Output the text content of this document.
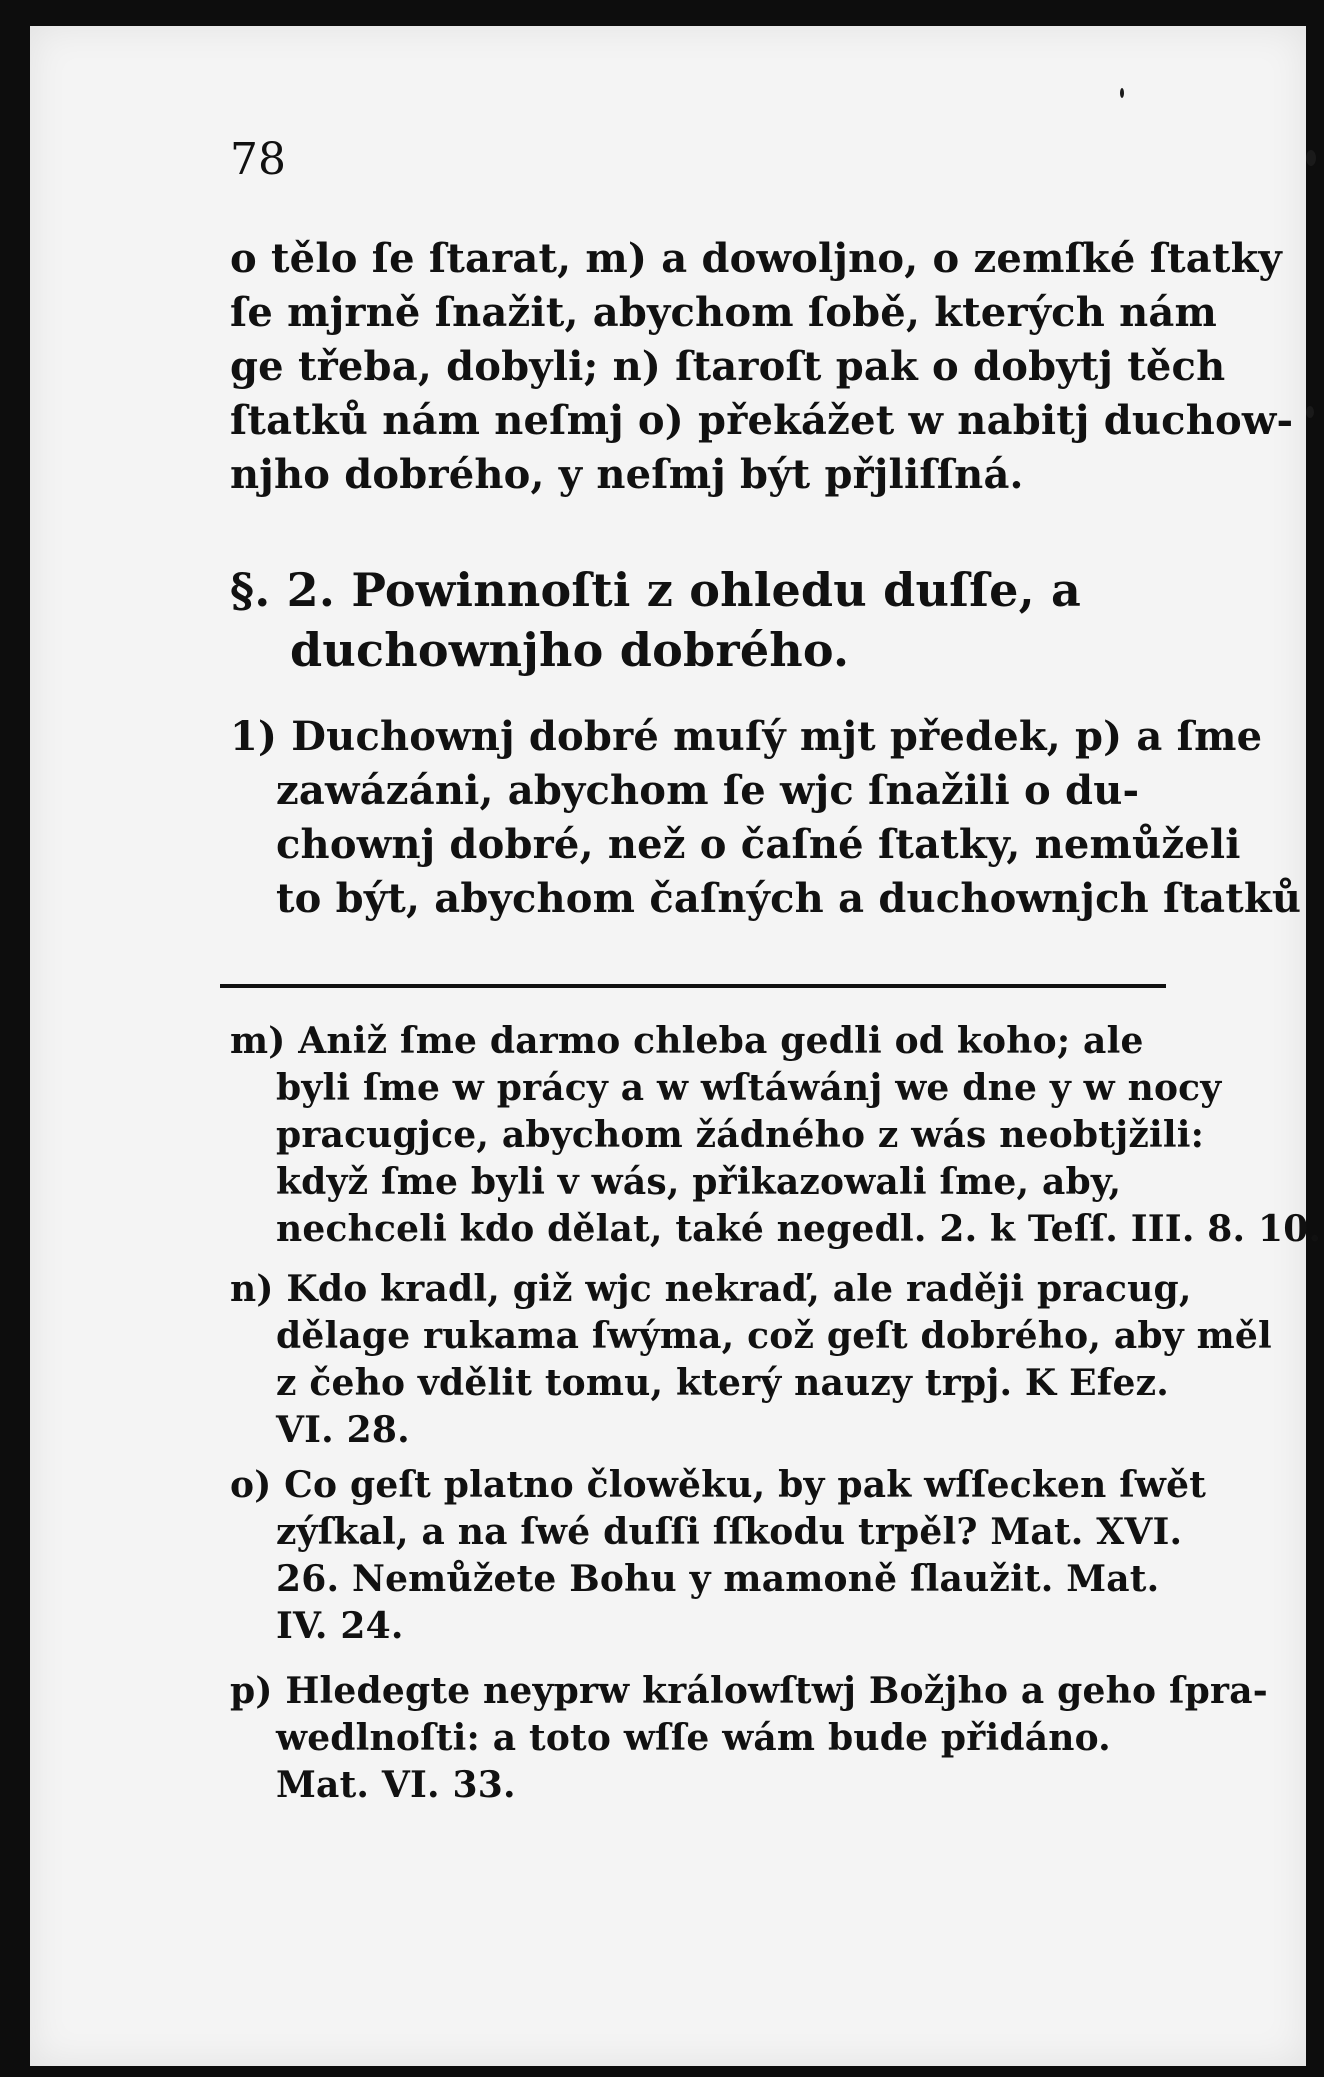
78
o tělo ſe ſtarat, m) a dowoljno, o zemſké ſtatky
ſe mjrně ſnažit, abychom ſobě, kterých nám
ge třeba, dobyli; n) ſtaroſt pak o dobytj těch
ſtatků nám neſmj o) překážet w nabitj duchow-
njho dobrého, y neſmj být přjliſſná.
§. 2. Powinnoſti z ohledu duſſe, a
duchownjho dobrého.
1) Duchownj dobré muſý mjt předek, p) a ſme
zawázáni, abychom ſe wjc ſnažili o du-
chownj dobré, než o čaſné ſtatky, nemůželi
to být, abychom čaſných a duchownjch ſtatků
m) Aniž ſme darmo chleba gedli od koho; ale
byli ſme w prácy a w wſtáwánj we dne y w nocy
pracugjce, abychom žádného z wás neobtjžili:
když ſme byli v wás, přikazowali ſme, aby,
nechceli kdo dělat, také negedl. 2. k Teſſ. III. 8. 10.
n) Kdo kradl, giž wjc nekraď, ale raději pracug,
dělage rukama ſwýma, což geſt dobrého, aby měl
z čeho vdělit tomu, který nauzy trpj. K Efez.
VI. 28.
o) Co geſt platno člowěku, by pak wſſecken ſwět
zýſkal, a na ſwé duſſi ſſkodu trpěl? Mat. XVI.
26. Nemůžete Bohu y mamoně ſlaužit. Mat.
IV. 24.
p) Hledegte neyprw králowſtwj Božjho a geho ſpra-
wedlnoſti: a toto wſſe wám bude přidáno.
Mat. VI. 33.
